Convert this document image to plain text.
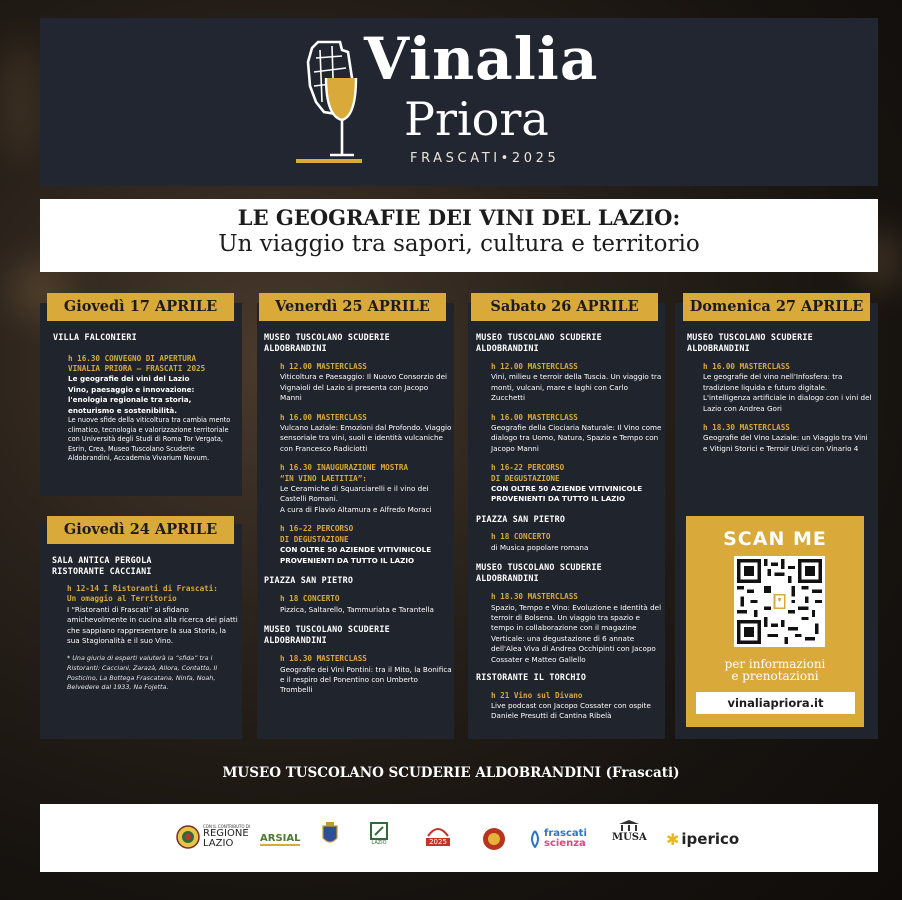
Vinalia
Priora
FRASCATI•2025
LE GEOGRAFIE DEI VINI DEL LAZIO:
Un viaggio tra sapori, cultura e territorio
Giovedì 17 APRILE
VILLA FALCONIERI
h 16.30 CONVEGNO DI APERTURA
VINALIA PRIORA – FRASCATI 2025
Le geografie dei vini del Lazio
Vino, paesaggio e innovazione:
l'enologia regionale tra storia,
enoturismo e sostenibilità.
Le nuove sfide della viticoltura tra cambia mento climatico, tecnologia e valorizzazione territoriale con Università degli Studi di Roma Tor Vergata, Esrin, Crea, Museo Tuscolano Scuderie Aldobrandini, Accademia Vivarium Novum.
Giovedì 24 APRILE
SALA ANTICA PERGOLA
RISTORANTE CACCIANI
h 12-14 I Ristoranti di Frascati:
Un omaggio al Territorio
I “Ristoranti di Frascati” si sfidano amichevolmente in cucina alla ricerca dei piatti che sappiano rappresentare la sua Storia, la sua Stagionalità e il suo Vino.
* Una giuria di esperti valuterà la “sfida” tra i Ristoranti: Cacciani, Zarazà, Allora, Contatto, Il Posticino, La Bottega Frascatana, Ninfa, Noah, Belvedere dal 1933, Na Fojetta.
Venerdì 25 APRILE
MUSEO TUSCOLANO SCUDERIE
ALDOBRANDINI
h 12.00 MASTERCLASS
Viticoltura e Paesaggio: Il Nuovo Consorzio dei Vignaioli del Lazio si presenta con Jacopo Manni
h 16.00 MASTERCLASS
Vulcano Laziale: Emozioni dal Profondo. Viaggio sensoriale tra vini, suoli e identità vulcaniche con Francesco Radiciotti
h 16.30 INAUGURAZIONE MOSTRA
“IN VINO LAETITIA”:
Le Ceramiche di Squarciarelli e il vino dei Castelli Romani.
A cura di Flavio Altamura e Alfredo Moraci
h 16-22 PERCORSO
DI DEGUSTAZIONE
CON OLTRE 50 AZIENDE VITIVINICOLE PROVENIENTI DA TUTTO IL LAZIO
PIAZZA SAN PIETRO
h 18 CONCERTO
Pizzica, Saltarello, Tammuriata e Tarantella
MUSEO TUSCOLANO SCUDERIE
ALDOBRANDINI
h 18.30 MASTERCLASS
Geografie dei Vini Pontini: tra il Mito, la Bonifica e il respiro del Ponentino con Umberto Trombelli
Sabato 26 APRILE
MUSEO TUSCOLANO SCUDERIE
ALDOBRANDINI
h 12.00 MASTERCLASS
Vini, milieu e terroir della Tuscia. Un viaggio tra monti, vulcani, mare e laghi con Carlo Zucchetti
h 16.00 MASTERCLASS
Geografie della Ciociaria Naturale: Il Vino come dialogo tra Uomo, Natura, Spazio e Tempo con Jacopo Manni
h 16-22 PERCORSO
DI DEGUSTAZIONE
CON OLTRE 50 AZIENDE VITIVINICOLE PROVENIENTI DA TUTTO IL LAZIO
PIAZZA SAN PIETRO
h 18 CONCERTO
di Musica popolare romana
MUSEO TUSCOLANO SCUDERIE
ALDOBRANDINI
h 18.30 MASTERCLASS
Spazio, Tempo e Vino: Evoluzione e Identità del terroir di Bolsena. Un viaggio tra spazio e tempo in collaborazione con il magazine Verticale: una degustazione di 6 annate dell'Alea Viva di Andrea Occhipinti con Jacopo Cossater e Matteo Gallello
RISTORANTE IL TORCHIO
h 21 Vino sul Divano
Live podcast con Jacopo Cossater con ospite Daniele Presutti di Cantina Ribelà
Domenica 27 APRILE
MUSEO TUSCOLANO SCUDERIE
ALDOBRANDINI
h 16.00 MASTERCLASS
Le geografie del vino nell'Infosfera: tra tradizione liquida e futuro digitale. L'intelligenza artificiale in dialogo con i vini del Lazio con Andrea Gori
h 18.30 MASTERCLASS
Geografie del Vino Laziale: un Viaggio tra Vini e Vitigni Storici e Terroir Unici con Vinario 4
SCAN ME
per informazioni
e prenotazioni
vinaliapriora.it
MUSEO TUSCOLANO SCUDERIE ALDOBRANDINI (Frascati)
CON IL CONTRIBUTO DI
REGIONE
LAZIO	ARSIAL	LAZIO	2025
frascati
scienza
MUSA ✱ iperico
